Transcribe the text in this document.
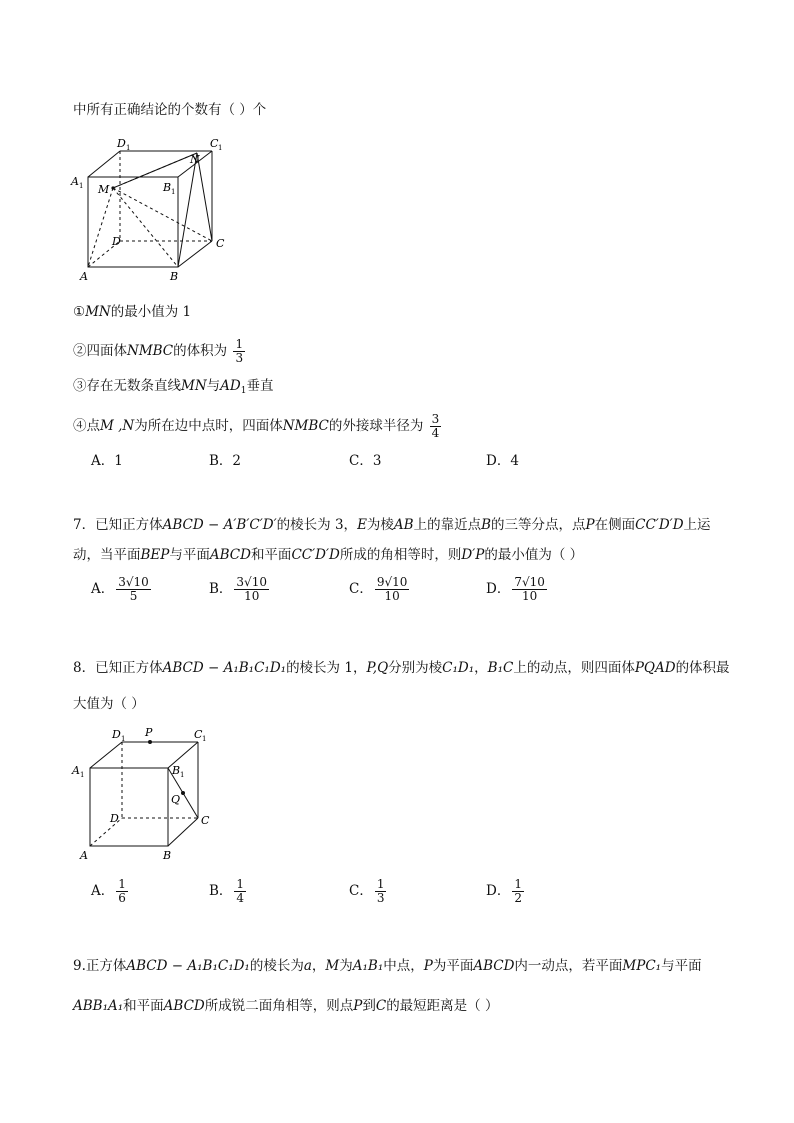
中所有正确结论的个数有（ ）个
D 1	C 1
A 1	B 1
M
N
D	C
A	B
①MN的最小值为 1
②四面体NMBC的体积为 $\frac{1}{3}$
③存在无数条直线MN与$AD_1$垂直
④点M ,N为所在边中点时，四面体NMBC的外接球半径为 $\frac{3}{4}$
A．1	B．2	C．3	D．4
7．已知正方体ABCD − A′B′C′D′的棱长为 3，E为棱AB上的靠近点B的三等分点，点P在侧面CC′D′D上运
动，当平面BEP与平面ABCD和平面CC′D′D所成的角相等时，则D′P的最小值为（ ）
A． $\frac{3√10}{5}$	B． $\frac{3√10}{10}$	C． $\frac{9√10}{10}$	D． $\frac{7√10}{10}$
8．已知正方体ABCD − A₁B₁C₁D₁的棱长为 1，P,Q分别为棱C₁D₁，B₁C上的动点，则四面体PQAD的体积最
大值为（ ）
D 1 P	C 1
A 1	B 1
Q
D	C
A	B
A． $\frac{1}{6}$	B． $\frac{1}{4}$	C． $\frac{1}{3}$	D． $\frac{1}{2}$
9.正方体ABCD − A₁B₁C₁D₁的棱长为a，M为A₁B₁中点，P为平面ABCD内一动点，若平面MPC₁与平面
ABB₁A₁和平面ABCD所成锐二面角相等，则点P到C的最短距离是（ ）
